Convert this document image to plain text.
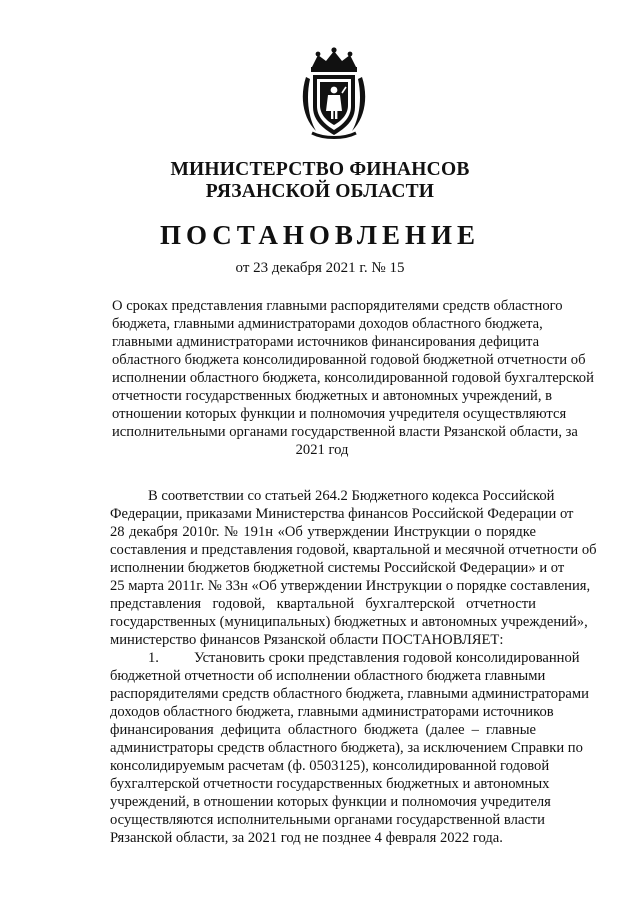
МИНИСТЕРСТВО ФИНАНСОВ
РЯЗАНСКОЙ ОБЛАСТИ
ПОСТАНОВЛЕНИЕ
от 23 декабря 2021 г. № 15
О сроках представления главными распорядителями средств областного
бюджета, главными администраторами доходов областного бюджета,
главными администраторами источников финансирования дефицита
областного бюджета консолидированной годовой бюджетной отчетности об
исполнении областного бюджета, консолидированной годовой бухгалтерской
отчетности государственных бюджетных и автономных учреждений, в
отношении которых функции и полномочия учредителя осуществляются
исполнительными органами государственной власти Рязанской области, за
2021 год
В соответствии со статьей 264.2 Бюджетного кодекса Российской
Федерации, приказами Министерства финансов Российской Федерации от
28 декабря 2010г. № 191н «Об утверждении Инструкции о порядке
составления и представления годовой, квартальной и месячной отчетности об
исполнении бюджетов бюджетной системы Российской Федерации» и от
25 марта 2011г. № 33н «Об утверждении Инструкции о порядке составления,
представления годовой, квартальной бухгалтерской отчетности
государственных (муниципальных) бюджетных и автономных учреждений»,
министерство финансов Рязанской области ПОСТАНОВЛЯЕТ:
1. Установить сроки представления годовой консолидированной
бюджетной отчетности об исполнении областного бюджета главными
распорядителями средств областного бюджета, главными администраторами
доходов областного бюджета, главными администраторами источников
финансирования дефицита областного бюджета (далее – главные
администраторы средств областного бюджета), за исключением Справки по
консолидируемым расчетам (ф. 0503125), консолидированной годовой
бухгалтерской отчетности государственных бюджетных и автономных
учреждений, в отношении которых функции и полномочия учредителя
осуществляются исполнительными органами государственной власти
Рязанской области, за 2021 год не позднее 4 февраля 2022 года.
